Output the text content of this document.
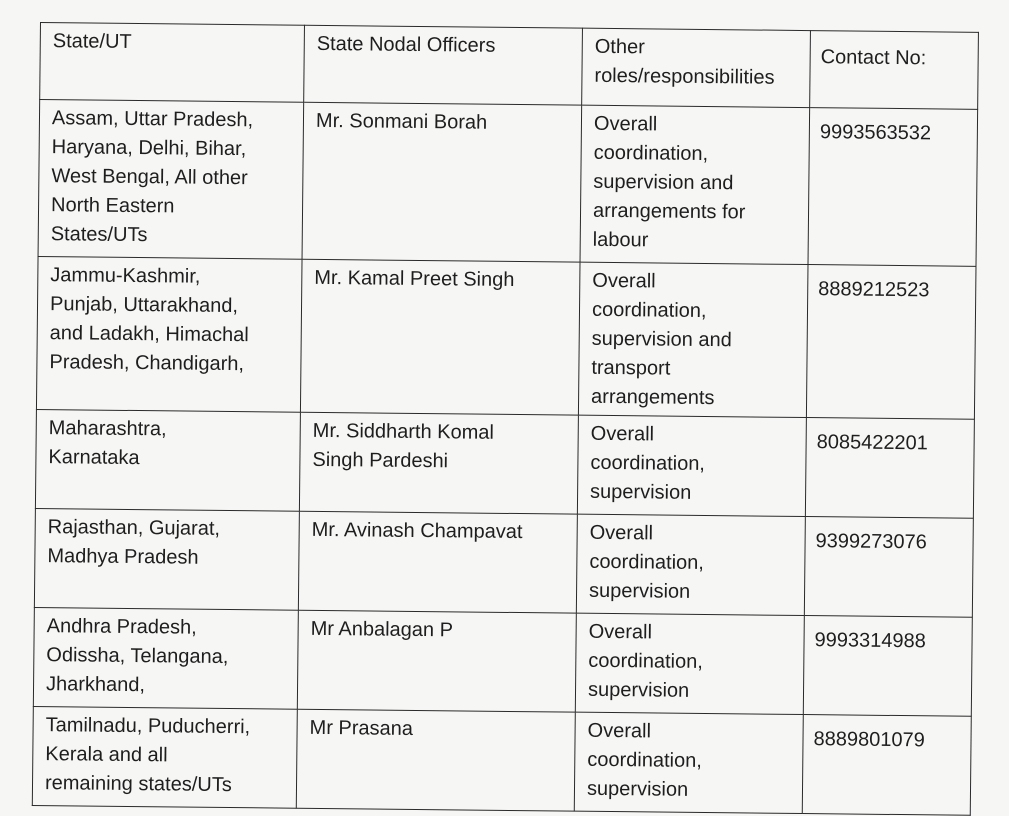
State/UT	State Nodal Officers	Other
roles/responsibilities	Contact No:
Assam, Uttar Pradesh,
Haryana, Delhi, Bihar,
West Bengal, All other
North Eastern
States/UTs	Mr. Sonmani Borah	Overall
coordination,
supervision and
arrangements for
labour	9993563532
Jammu-Kashmir,
Punjab, Uttarakhand,
and Ladakh, Himachal
Pradesh, Chandigarh,	Mr. Kamal Preet Singh	Overall
coordination,
supervision and
transport
arrangements	8889212523
Maharashtra,
Karnataka	Mr. Siddharth Komal
Singh Pardeshi	Overall
coordination,
supervision	8085422201
Rajasthan, Gujarat,
Madhya Pradesh	Mr. Avinash Champavat	Overall
coordination,
supervision	9399273076
Andhra Pradesh,
Odissha, Telangana,
Jharkhand,	Mr Anbalagan P	Overall
coordination,
supervision	9993314988
Tamilnadu, Puducherri,
Kerala and all
remaining states/UTs	Mr Prasana	Overall
coordination,
supervision	8889801079
